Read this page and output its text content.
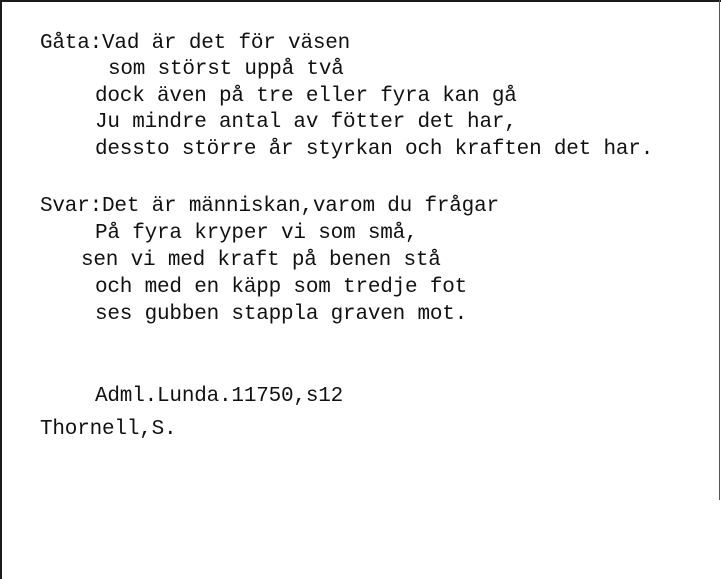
Gåta:Vad är det för väsen
som störst uppå två
dock även på tre eller fyra kan gå
Ju mindre antal av fötter det har,
dessto större år styrkan och kraften det har.
Svar:Det är människan,varom du frågar
På fyra kryper vi som små,
sen vi med kraft på benen stå
och med en käpp som tredje fot
ses gubben stappla graven mot.
Adml.Lunda.11750,s12
Thornell,S.
